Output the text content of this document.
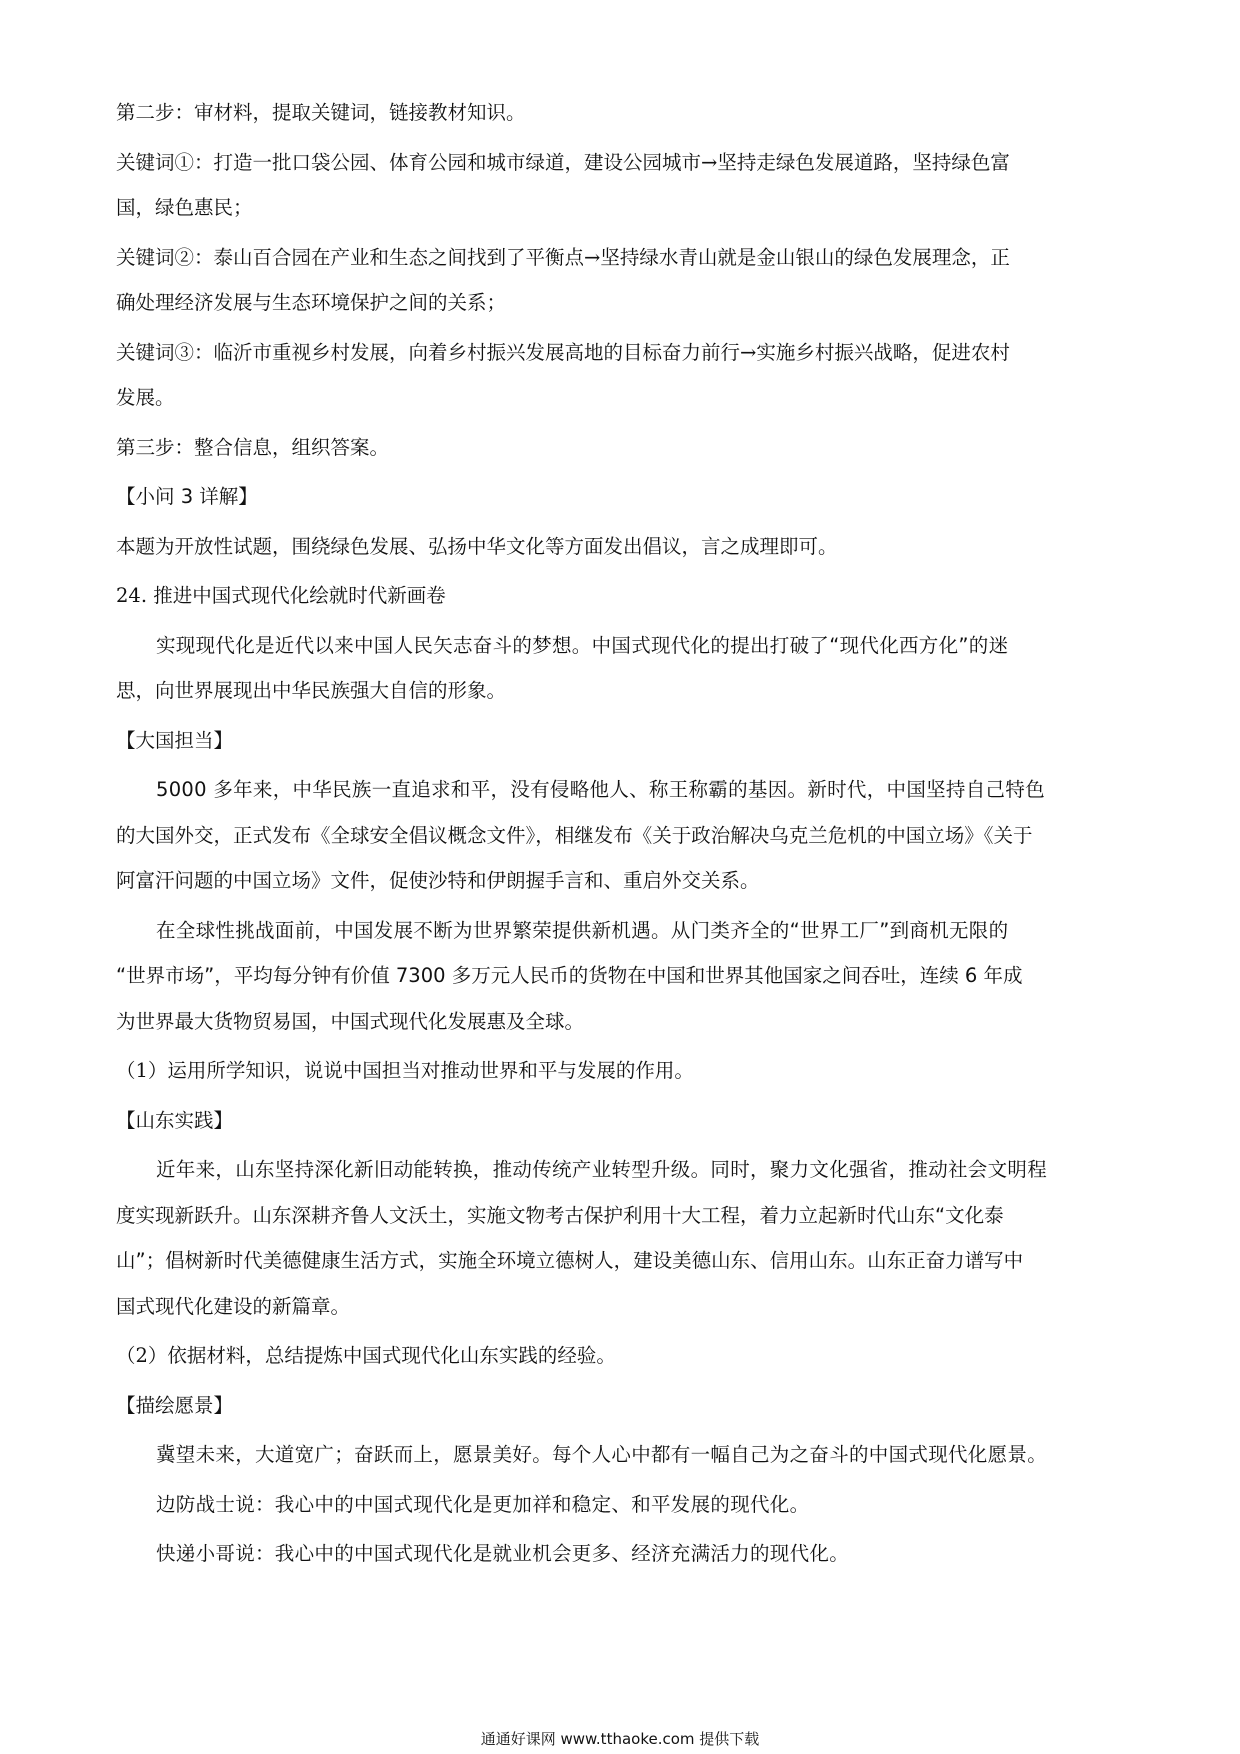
第二步：审材料，提取关键词，链接教材知识。

关键词①：打造一批口袋公园、体育公园和城市绿道，建设公园城市→坚持走绿色发展道路，坚持绿色富

国，绿色惠民；

关键词②：泰山百合园在产业和生态之间找到了平衡点→坚持绿水青山就是金山银山的绿色发展理念，正

确处理经济发展与生态环境保护之间的关系；

关键词③：临沂市重视乡村发展，向着乡村振兴发展高地的目标奋力前行→实施乡村振兴战略，促进农村

发展。

第三步：整合信息，组织答案。

【小问 3 详解】

本题为开放性试题，围绕绿色发展、弘扬中华文化等方面发出倡议，言之成理即可。

24. 推进中国式现代化绘就时代新画卷

实现现代化是近代以来中国人民矢志奋斗的梦想。中国式现代化的提出打破了“现代化西方化”的迷

思，向世界展现出中华民族强大自信的形象。

【大国担当】

5000 多年来，中华民族一直追求和平，没有侵略他人、称王称霸的基因。新时代，中国坚持自己特色

的大国外交，正式发布《全球安全倡议概念文件》，相继发布《关于政治解决乌克兰危机的中国立场》《关于

阿富汗问题的中国立场》文件，促使沙特和伊朗握手言和、重启外交关系。

在全球性挑战面前，中国发展不断为世界繁荣提供新机遇。从门类齐全的“世界工厂”到商机无限的

“世界市场”，平均每分钟有价值 7300 多万元人民币的货物在中国和世界其他国家之间吞吐，连续 6 年成

为世界最大货物贸易国，中国式现代化发展惠及全球。

（1）运用所学知识，说说中国担当对推动世界和平与发展的作用。

【山东实践】

近年来，山东坚持深化新旧动能转换，推动传统产业转型升级。同时，聚力文化强省，推动社会文明程

度实现新跃升。山东深耕齐鲁人文沃土，实施文物考古保护利用十大工程，着力立起新时代山东“文化泰

山”；倡树新时代美德健康生活方式，实施全环境立德树人，建设美德山东、信用山东。山东正奋力谱写中

国式现代化建设的新篇章。

（2）依据材料，总结提炼中国式现代化山东实践的经验。

【描绘愿景】

冀望未来，大道宽广；奋跃而上，愿景美好。每个人心中都有一幅自己为之奋斗的中国式现代化愿景。

边防战士说：我心中的中国式现代化是更加祥和稳定、和平发展的现代化。

快递小哥说：我心中的中国式现代化是就业机会更多、经济充满活力的现代化。

通通好课网 www.tthaoke.com 提供下载
